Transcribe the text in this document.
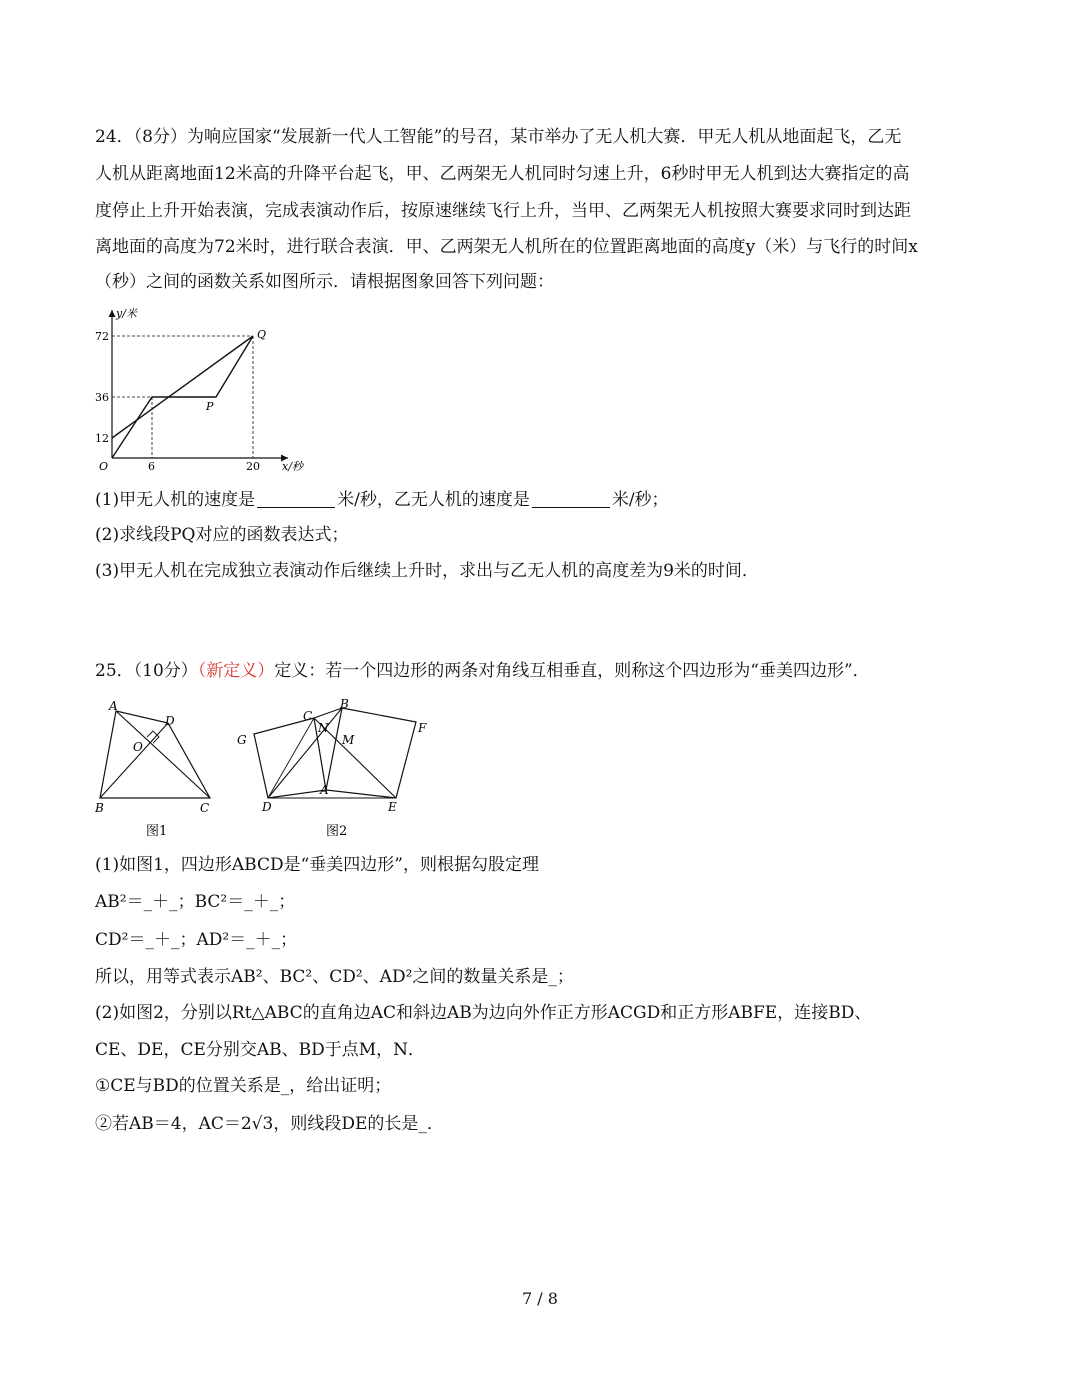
24．（8分）为响应国家“发展新一代人工智能”的号召，某市举办了无人机大赛．甲无人机从地面起飞，乙无
人机从距离地面12米高的升降平台起飞，甲、乙两架无人机同时匀速上升，6秒时甲无人机到达大赛指定的高
度停止上升开始表演，完成表演动作后，按原速继续飞行上升，当甲、乙两架无人机按照大赛要求同时到达距
离地面的高度为72米时，进行联合表演．甲、乙两架无人机所在的位置距离地面的高度y（米）与飞行的时间x
（秒）之间的函数关系如图所示．请根据图象回答下列问题：
y/米
x/秒
O
72
36
12
6	20
P
Q
(1)甲无人机的速度是	米/秒，乙无人机的速度是	米/秒；
(2)求线段PQ对应的函数表达式；
(3)甲无人机在完成独立表演动作后继续上升时，求出与乙无人机的高度差为9米的时间．
25．（10分）（新定义）定义：若一个四边形的两条对角线互相垂直，则称这个四边形为“垂美四边形”．
A
D
O
B	C
图1
C
B
N
M
G
F
A
D	E
图2
(1)如图1，四边形ABCD是“垂美四边形”，则根据勾股定理
AB²＝_＋_；BC²＝_＋_；
CD²＝_＋_；AD²＝_＋_；
所以，用等式表示AB²、BC²、CD²、AD²之间的数量关系是_；
(2)如图2，分别以Rt△ABC的直角边AC和斜边AB为边向外作正方形ACGD和正方形ABFE，连接BD、
CE、DE，CE分别交AB、BD于点M，N．
①CE与BD的位置关系是_，给出证明；
②若AB＝4，AC＝2√3，则线段DE的长是_．
7 / 8
